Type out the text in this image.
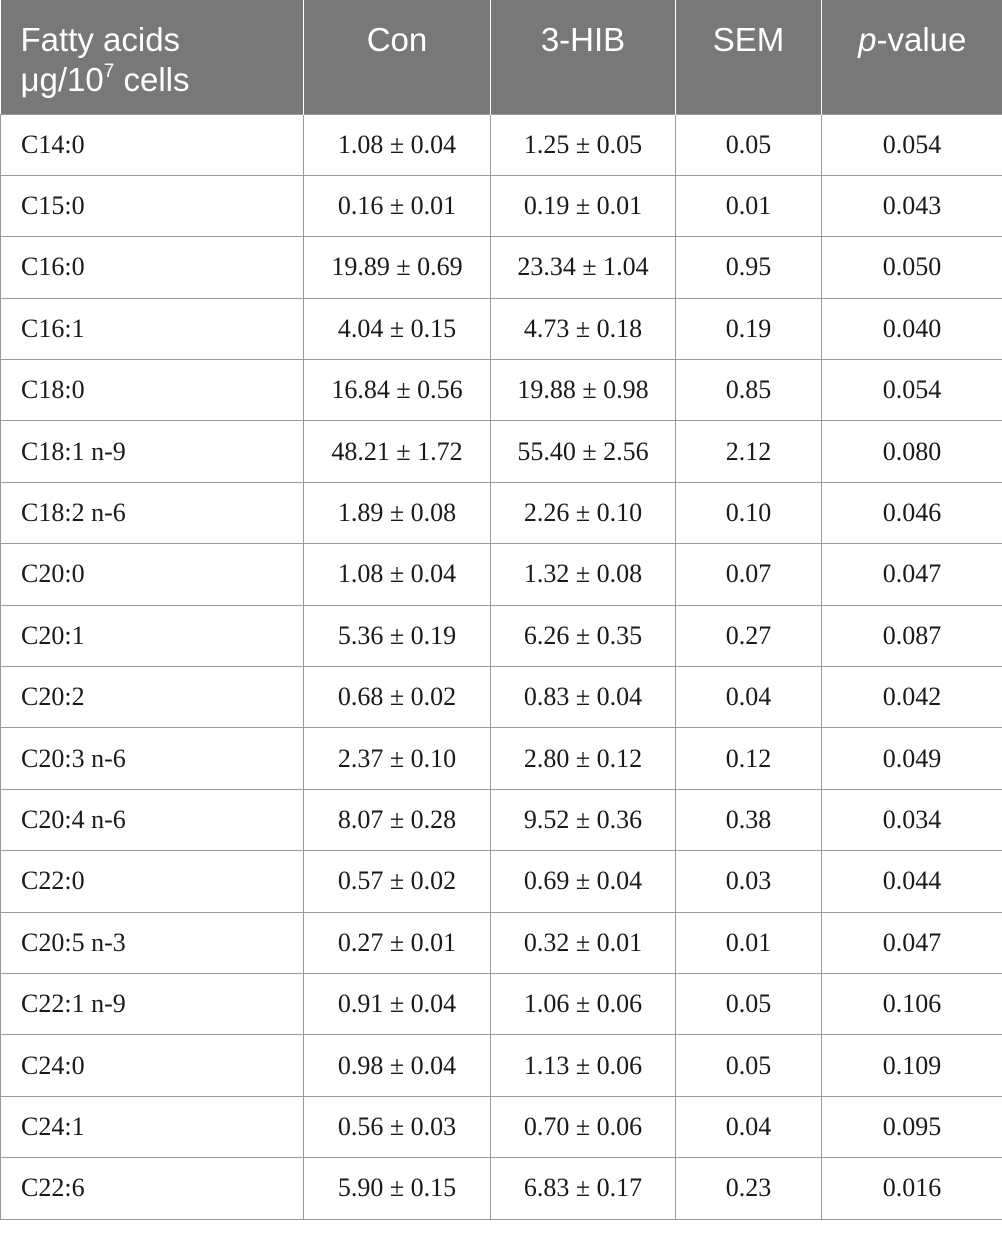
Fatty acids
$\mu g/10^7$ cells	Con	3-HIB	SEM	p-value
C14:0	1.08 ± 0.04	1.25 ± 0.05	0.05	0.054
C15:0	0.16 ± 0.01	0.19 ± 0.01	0.01	0.043
C16:0	19.89 ± 0.69	23.34 ± 1.04	0.95	0.050
C16:1	4.04 ± 0.15	4.73 ± 0.18	0.19	0.040
C18:0	16.84 ± 0.56	19.88 ± 0.98	0.85	0.054
C18:1 n-9	48.21 ± 1.72	55.40 ± 2.56	2.12	0.080
C18:2 n-6	1.89 ± 0.08	2.26 ± 0.10	0.10	0.046
C20:0	1.08 ± 0.04	1.32 ± 0.08	0.07	0.047
C20:1	5.36 ± 0.19	6.26 ± 0.35	0.27	0.087
C20:2	0.68 ± 0.02	0.83 ± 0.04	0.04	0.042
C20:3 n-6	2.37 ± 0.10	2.80 ± 0.12	0.12	0.049
C20:4 n-6	8.07 ± 0.28	9.52 ± 0.36	0.38	0.034
C22:0	0.57 ± 0.02	0.69 ± 0.04	0.03	0.044
C20:5 n-3	0.27 ± 0.01	0.32 ± 0.01	0.01	0.047
C22:1 n-9	0.91 ± 0.04	1.06 ± 0.06	0.05	0.106
C24:0	0.98 ± 0.04	1.13 ± 0.06	0.05	0.109
C24:1	0.56 ± 0.03	0.70 ± 0.06	0.04	0.095
C22:6	5.90 ± 0.15	6.83 ± 0.17	0.23	0.016
